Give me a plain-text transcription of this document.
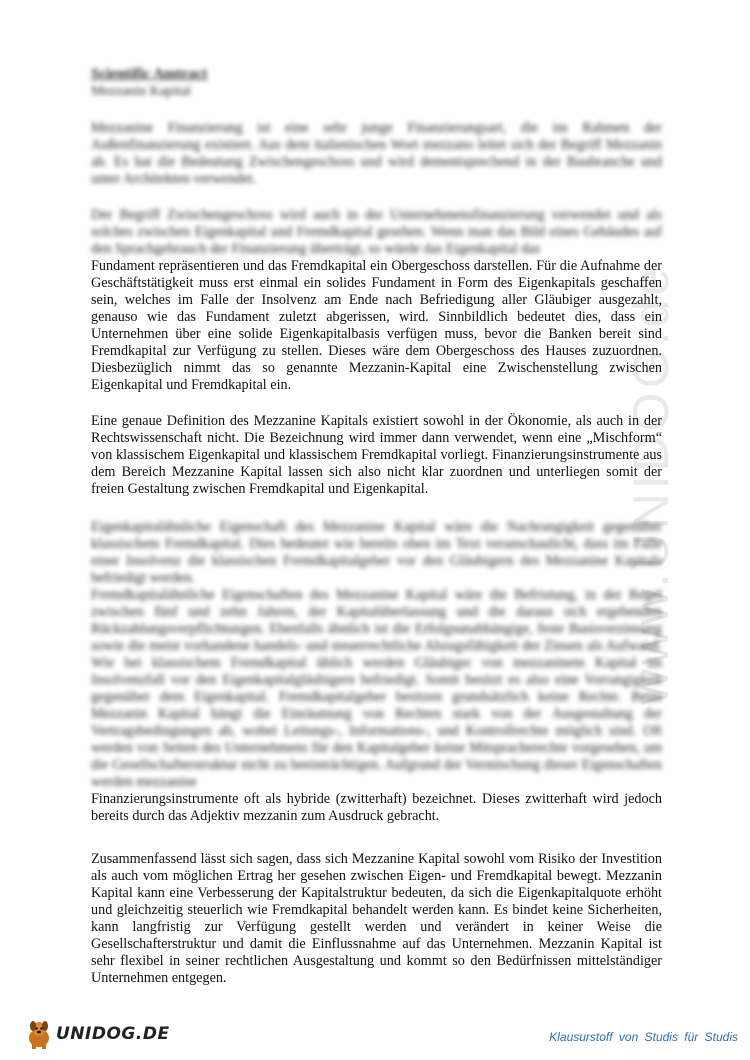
www.UNIDOG.de
Scientific Amtract
Mezzanin Kapital

Mezzanine Finanzierung ist eine sehr junge Finanzierungsart, die im Rahmen der Außenfinanzierung existiert. Aus dem italienischen Wort mezzano leitet sich der Begriff Mezzanin ab. Es hat die Bedeutung Zwischengeschoss und wird dementsprechend in der Baubranche und unter Architekten verwendet.

Der Begriff Zwischengeschoss wird auch in der Unternehmensfinanzierung verwendet und als solches zwischen Eigenkapital und Fremdkapital gesehen. Wenn man das Bild eines Gebäudes auf den Sprachgebrauch der Finanzierung überträgt, so würde das Eigenkapital das

Fundament repräsentieren und das Fremdkapital ein Obergeschoss darstellen. Für die Aufnahme der Geschäftstätigkeit muss erst einmal ein solides Fundament in Form des Eigenkapitals geschaffen sein, welches im Falle der Insolvenz am Ende nach Befriedigung aller Gläubiger ausgezahlt, genauso wie das Fundament zuletzt abgerissen, wird. Sinnbildlich bedeutet dies, dass ein Unternehmen über eine solide Eigenkapitalbasis verfügen muss, bevor die Banken bereit sind Fremdkapital zur Verfügung zu stellen. Dieses wäre dem Obergeschoss des Hauses zuzuordnen. Diesbezüglich nimmt das so genannte Mezzanin-Kapital eine Zwischenstellung zwischen Eigenkapital und Fremdkapital ein.

Eine genaue Definition des Mezzanine Kapitals existiert sowohl in der Ökonomie, als auch in der Rechtswissenschaft nicht. Die Bezeichnung wird immer dann verwendet, wenn eine „Mischform“ von klassischem Eigenkapital und klassischem Fremdkapital vorliegt. Finanzierungsinstrumente aus dem Bereich Mezzanine Kapital lassen sich also nicht klar zuordnen und unterliegen somit der freien Gestaltung zwischen Fremdkapital und Eigenkapital.

Eigenkapitalähnliche Eigenschaft des Mezzanine Kapital wäre die Nachrangigkeit gegenüber klassischem Fremdkapital. Dies bedeutet wie bereits oben im Text veranschaulicht, dass im Falle einer Insolvenz die klassischen Fremdkapitalgeber vor den Gläubigern des Mezzanine Kapitals befriedigt werden.

Fremdkapitalähnliche Eigenschaften des Mezzanine Kapital wäre die Befristung, in der Regel zwischen fünf und zehn Jahren, der Kapitalüberlassung und die daraus sich ergebenden Rückzahlungsverpflichtungen. Ebenfalls ähnlich ist die Erfolgsunabhängige, feste Basisverzinsung sowie die meist vorhandene handels- und steuerrechtliche Abzugsfähigkeit der Zinsen als Aufwand. Wie bei klassischem Fremdkapital üblich werden Gläubiger von mezzaninem Kapital im Insolvenzfall vor den Eigenkapitalgläubigern befriedigt. Somit besitzt es also eine Vorrangigkeit gegenüber dem Eigenkapital. Fremdkapitalgeber besitzen grundsätzlich keine Rechte. Beim Mezzanin Kapital hängt die Einräumung von Rechten stark von der Ausgestaltung der Vertragsbedingungen ab, wobei Leitungs-, Informations-, und Kontrollrechte möglich sind. Oft werden von Seiten des Unternehmens für den Kapitalgeber keine Mitspracherechte vorgesehen, um die Gesellschafterstruktur nicht zu beeinträchtigen. Aufgrund der Vermischung dieser Eigenschaften werden mezzanine

Finanzierungsinstrumente oft als hybride (zwitterhaft) bezeichnet. Dieses zwitterhaft wird jedoch bereits durch das Adjektiv mezzanin zum Ausdruck gebracht.

Zusammenfassend lässt sich sagen, dass sich Mezzanine Kapital sowohl vom Risiko der Investition als auch vom möglichen Ertrag her gesehen zwischen Eigen- und Fremdkapital bewegt. Mezzanin Kapital kann eine Verbesserung der Kapitalstruktur bedeuten, da sich die Eigenkapitalquote erhöht und gleichzeitig steuerlich wie Fremdkapital behandelt werden kann. Es bindet keine Sicherheiten, kann langfristig zur Verfügung gestellt werden und verändert in keiner Weise die Gesellschafterstruktur und damit die Einflussnahme auf das Unternehmen. Mezzanin Kapital ist sehr flexibel in seiner rechtlichen Ausgestaltung und kommt so den Bedürfnissen mittelständiger Unternehmen entgegen.

UNIDOG.DE	Klausurstoff von Studis für Studis
